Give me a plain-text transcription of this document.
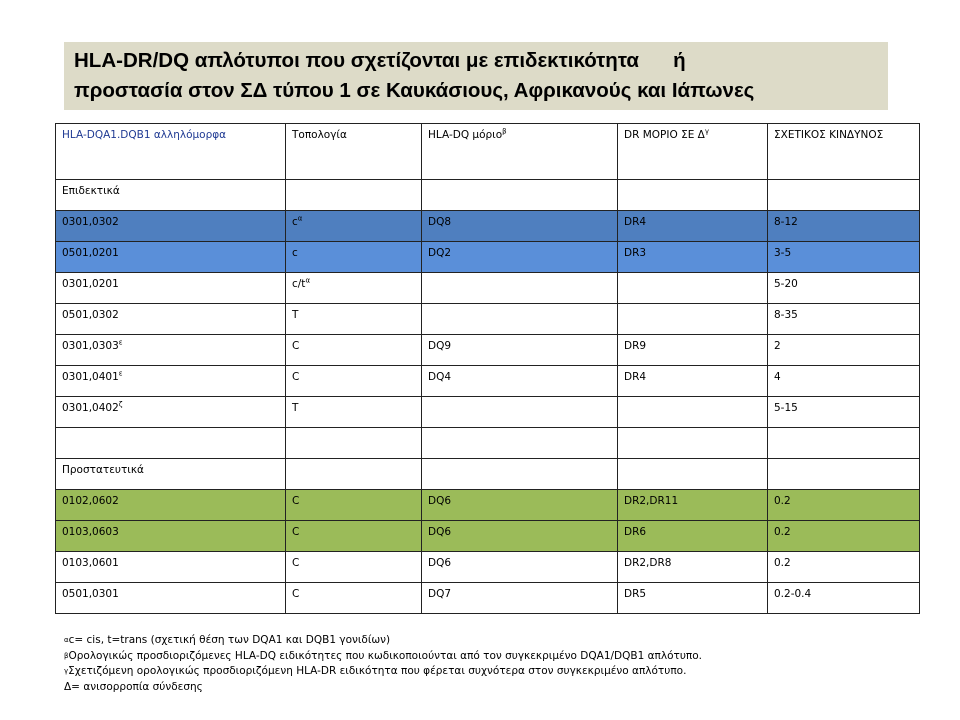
HLA-DR/DQ απλότυποι που σχετίζονται με επιδεκτικότητα      ή
προστασία στον ΣΔ τύπου 1 σε Καυκάσιους, Αφρικανούς και Ιάπωνες
HLA-DQA1.DQB1 αλληλόμορφα	Τοπολογία	HLA-DQ μόριο$^\beta$	DR ΜΟΡΙΟ ΣΕ $\Delta^\gamma$	ΣΧΕΤΙΚΟΣ ΚΙΝΔΥΝΟΣ
Επιδεκτικά				
0301,0302	$c^\alpha$	DQ8	DR4	8-12
0501,0201	c	DQ2	DR3	3-5
0301,0201	$c/t^\alpha$			5-20
0501,0302	T			8-35
$0301,0303^\varepsilon$	C	DQ9	DR9	2
$0301,0401^\varepsilon$	C	DQ4	DR4	4
$0301,0402^\zeta$	T			5-15

Προστατευτικά				
0102,0602	C	DQ6	DR2,DR11	0.2
0103,0603	C	DQ6	DR6	0.2
0103,0601	C	DQ6	DR2,DR8	0.2
0501,0301	C	DQ7	DR5	0.2-0.4
$^\alpha$c= cis, t=trans (σχετική θέση των DQA1 και DQB1 γονιδίων)
$^\beta$Ορολογικώς προσδιοριζόμενες HLA-DQ ειδικότητες που κωδικοποιούνται από τον συγκεκριμένο DQA1/DQB1 απλότυπο.
$^\gamma$Σχετιζόμενη ορολογικώς προσδιοριζόμενη HLA-DR ειδικότητα που φέρεται συχνότερα στον συγκεκριμένο απλότυπο.
Δ= ανισορροπία σύνδεσης
